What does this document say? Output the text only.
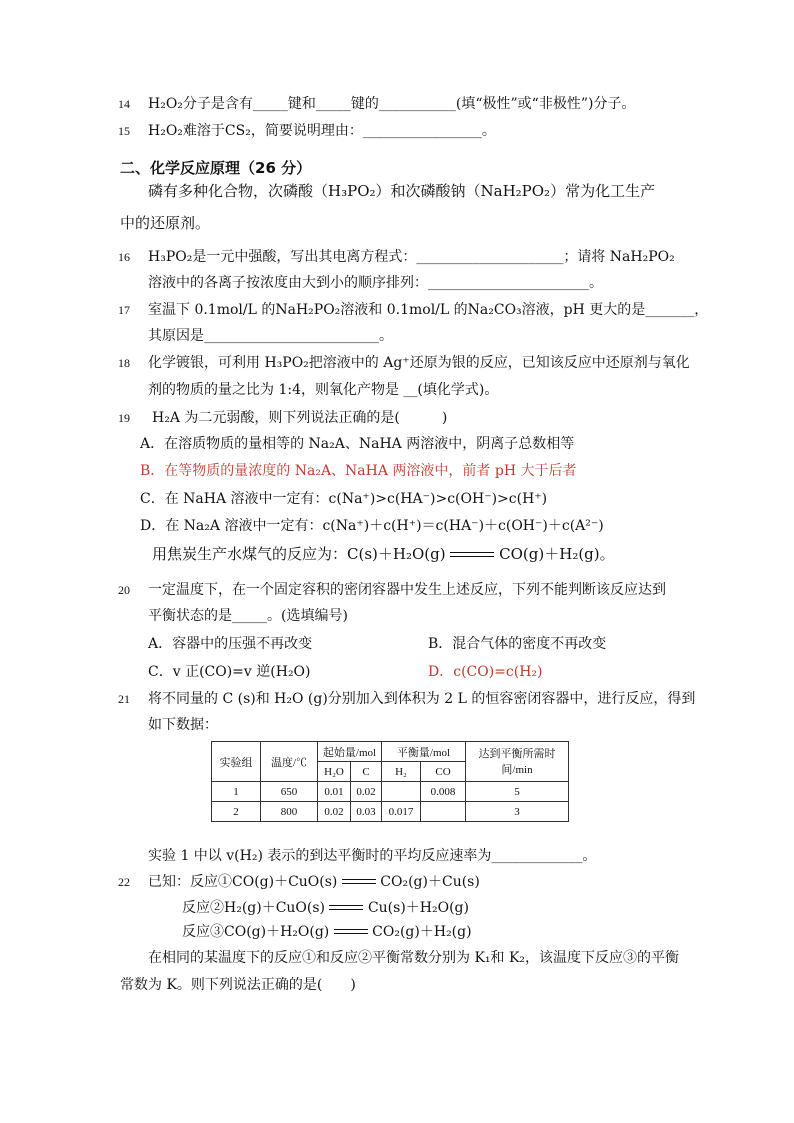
14 H₂O₂分子是含有_____键和_____键的___________(填“极性”或“非极性”)分子。
15 H₂O₂难溶于CS₂，简要说明理由：_________________。
二、化学反应原理（26 分）
磷有多种化合物，次磷酸（H₃PO₂）和次磷酸钠（NaH₂PO₂）常为化工生产
中的还原剂。
16 H₃PO₂是一元中强酸，写出其电离方程式：_____________________；请将 NaH₂PO₂
溶液中的各离子按浓度由大到小的顺序排列：_______________________。
17 室温下 0.1mol/L 的NaH₂PO₂溶液和 0.1mol/L 的Na₂CO₃溶液，pH 更大的是_______，
其原因是_________________________。
18 化学镀银，可利用 H₃PO₂把溶液中的 Ag⁺还原为银的反应，已知该反应中还原剂与氧化
剂的物质的量之比为 1:4，则氧化产物是 __(填化学式)。
19 H₂A 为二元弱酸，则下列说法正确的是(　　　)
A．在溶质物质的量相等的 Na₂A、NaHA 两溶液中，阴离子总数相等
B．在等物质的量浓度的 Na₂A、NaHA 两溶液中，前者 pH 大于后者
C．在 NaHA 溶液中一定有：c(Na⁺)>c(HA⁻)>c(OH⁻)>c(H⁺)
D．在 Na₂A 溶液中一定有：c(Na⁺)＋c(H⁺)＝c(HA⁻)＋c(OH⁻)＋c(A²⁻)
用焦炭生产水煤气的反应为：C(s)＋H₂O(g)	CO(g)＋H₂(g)。
20 一定温度下，在一个固定容积的密闭容器中发生上述反应，下列不能判断该反应达到
平衡状态的是_____。(选填编号)
A．容器中的压强不再改变	B．混合气体的密度不再改变
C．v 正(CO)=v 逆(H₂O)	D．c(CO)=c(H₂)
21 将不同量的 C (s)和 H₂O (g)分别加入到体积为 2 L 的恒容密闭容器中，进行反应，得到
如下数据：
实验组	温度/℃	起始量/mol		平衡量/mol		达到平衡所需时间/min
		H₂O	C	H₂	CO	
1	650	0.01	0.02		0.008	5
2	800	0.02	0.03	0.017		3
实验 1 中以 v(H₂) 表示的到达平衡时的平均反应速率为_____________。
22 已知：反应①CO(g)＋CuO(s)	CO₂(g)＋Cu(s)
反应②H₂(g)＋CuO(s)	Cu(s)＋H₂O(g)
反应③CO(g)＋H₂O(g)	CO₂(g)＋H₂(g)
在相同的某温度下的反应①和反应②平衡常数分别为 K₁和 K₂，该温度下反应③的平衡
常数为 K。则下列说法正确的是(　　)
